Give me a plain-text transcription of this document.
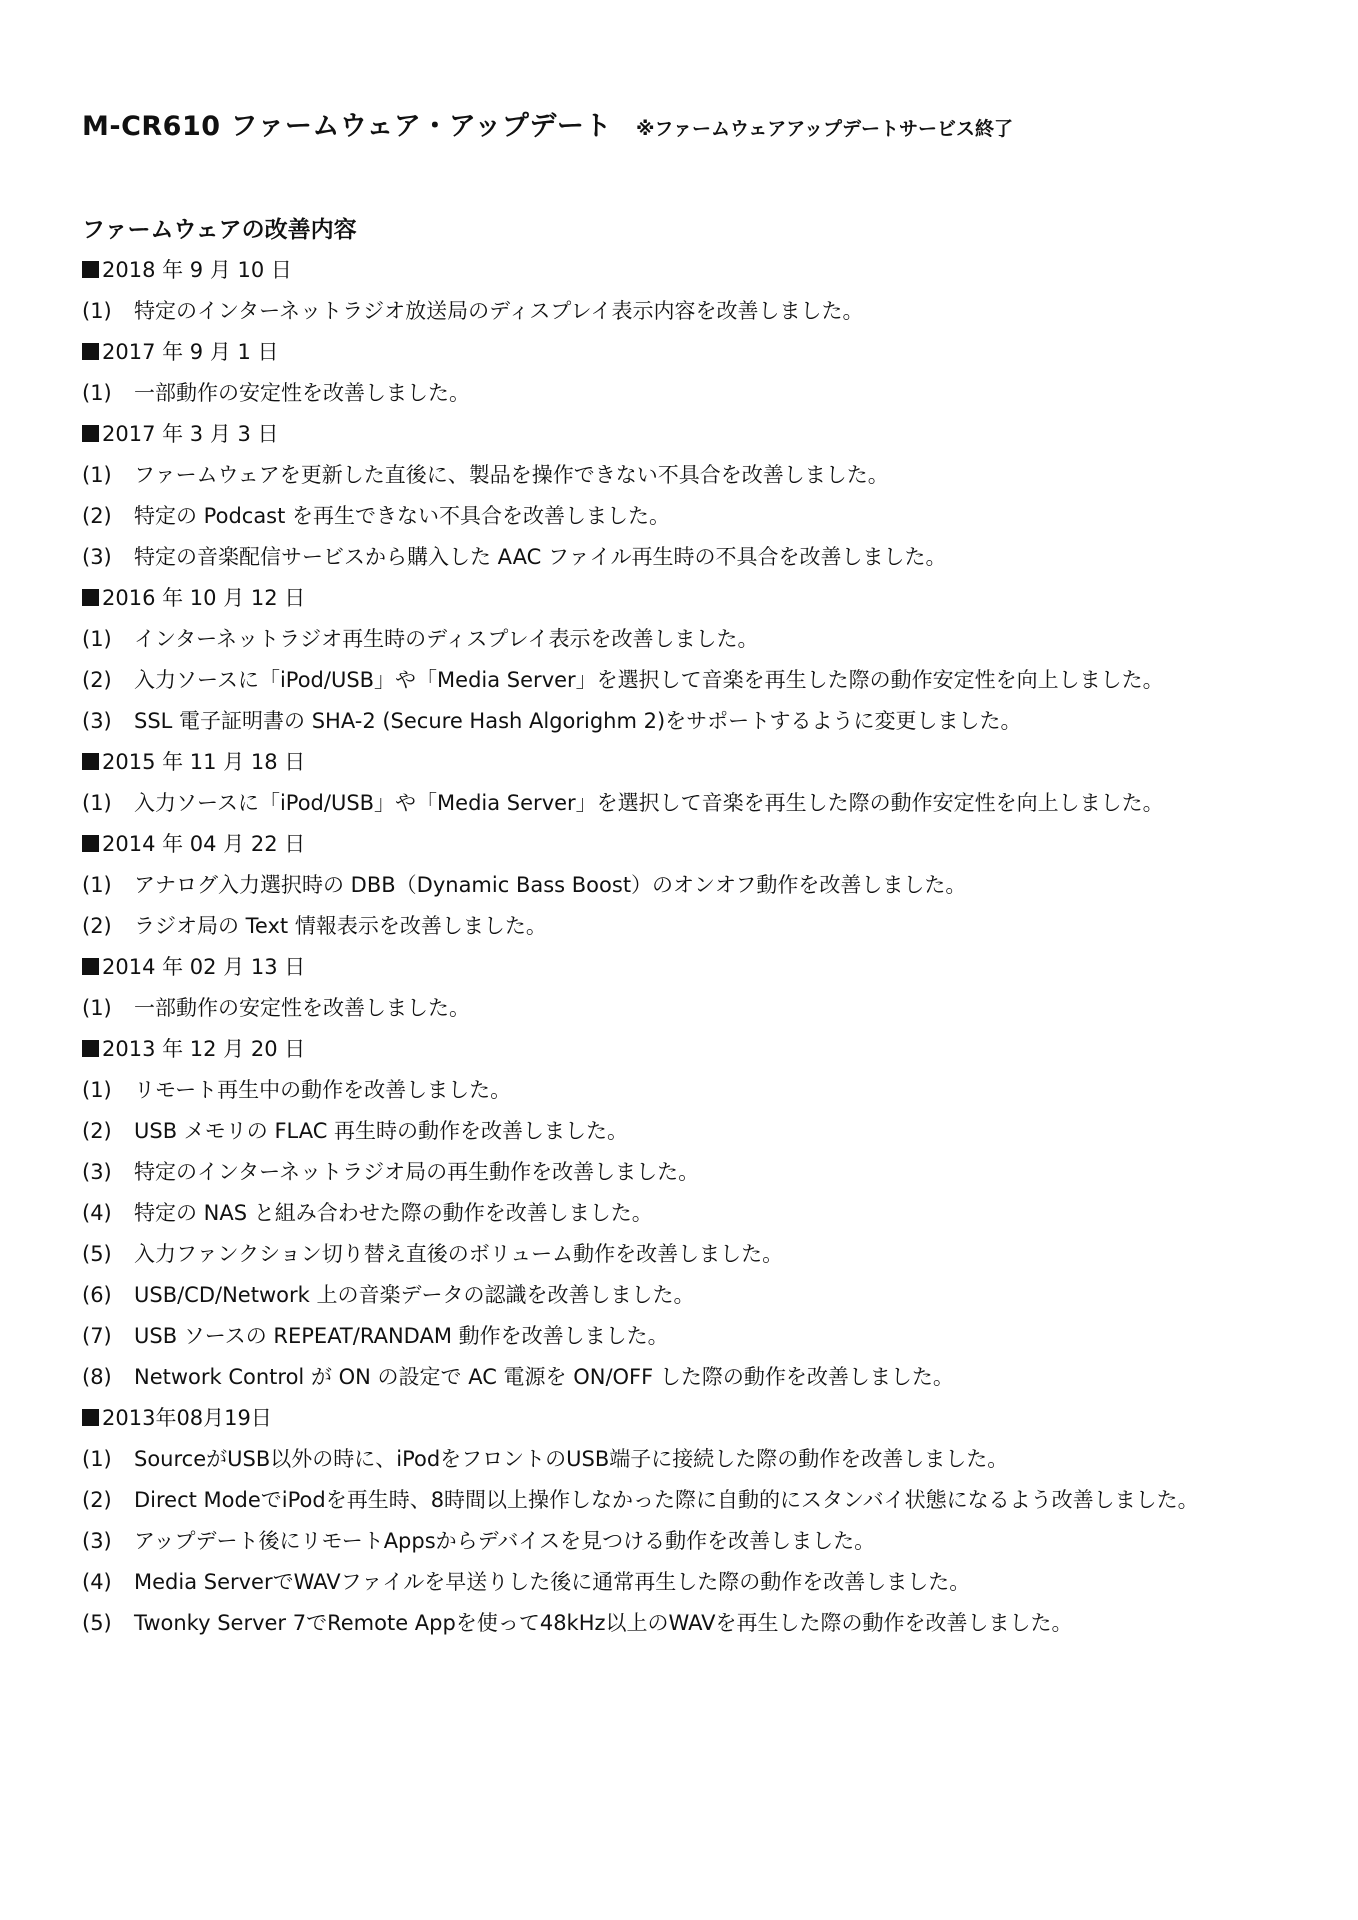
M-CR610 ファームウェア・アップデート ※ファームウェアアップデートサービス終了
ファームウェアの改善内容
2018 年 9 月 10 日
(1)	特定のインターネットラジオ放送局のディスプレイ表示内容を改善しました。
2017 年 9 月 1 日
(1)	一部動作の安定性を改善しました。
2017 年 3 月 3 日
(1)	ファームウェアを更新した直後に、製品を操作できない不具合を改善しました。
(2)	特定の Podcast を再生できない不具合を改善しました。
(3)	特定の音楽配信サービスから購入した AAC ファイル再生時の不具合を改善しました。
2016 年 10 月 12 日
(1)	インターネットラジオ再生時のディスプレイ表示を改善しました。
(2)	入力ソースに「iPod/USB」や「Media Server」を選択して音楽を再生した際の動作安定性を向上しました。
(3)	SSL 電子証明書の SHA-2 (Secure Hash Algorighm 2)をサポートするように変更しました。
2015 年 11 月 18 日
(1)	入力ソースに「iPod/USB」や「Media Server」を選択して音楽を再生した際の動作安定性を向上しました。
2014 年 04 月 22 日
(1)	アナログ入力選択時の DBB（Dynamic Bass Boost）のオンオフ動作を改善しました。
(2)	ラジオ局の Text 情報表示を改善しました。
2014 年 02 月 13 日
(1)	一部動作の安定性を改善しました。
2013 年 12 月 20 日
(1)	リモート再生中の動作を改善しました。
(2)	USB メモリの FLAC 再生時の動作を改善しました。
(3)	特定のインターネットラジオ局の再生動作を改善しました。
(4)	特定の NAS と組み合わせた際の動作を改善しました。
(5)	入力ファンクション切り替え直後のボリューム動作を改善しました。
(6)	USB/CD/Network 上の音楽データの認識を改善しました。
(7)	USB ソースの REPEAT/RANDAM 動作を改善しました。
(8)	Network Control が ON の設定で AC 電源を ON/OFF した際の動作を改善しました。
2013年08月19日
(1)	SourceがUSB以外の時に、iPodをフロントのUSB端子に接続した際の動作を改善しました。
(2)	Direct ModeでiPodを再生時、8時間以上操作しなかった際に自動的にスタンバイ状態になるよう改善しました。
(3)	アップデート後にリモートAppsからデバイスを見つける動作を改善しました。
(4)	Media ServerでWAVファイルを早送りした後に通常再生した際の動作を改善しました。
(5)	Twonky Server 7でRemote Appを使って48kHz以上のWAVを再生した際の動作を改善しました。
